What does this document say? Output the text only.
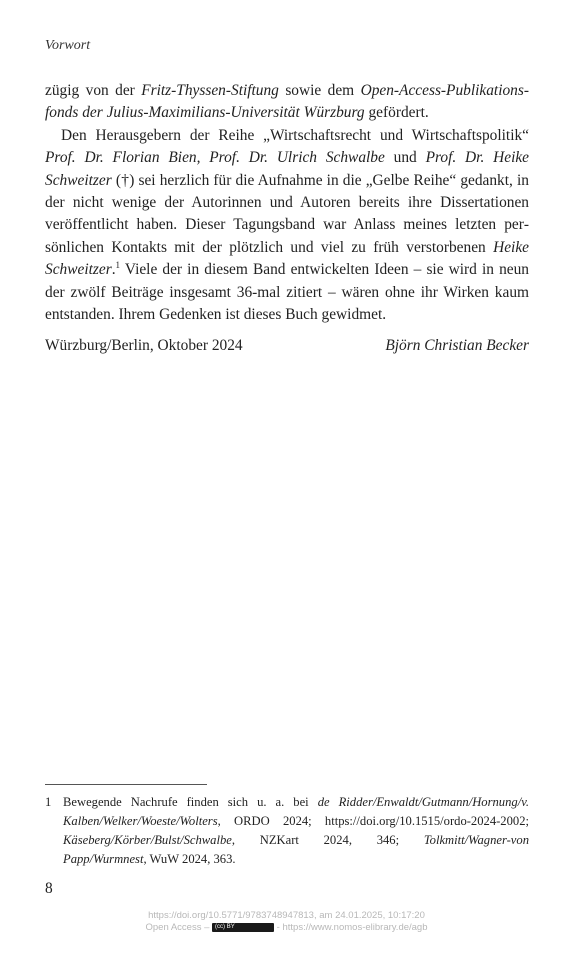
Vorwort

zügig von der Fritz-Thyssen-Stiftung sowie dem Open-Access-Publikationsfonds der Julius-Maximilians-Universität Würzburg gefördert.

Den Herausgebern der Reihe „Wirtschaftsrecht und Wirtschaftspolitik“ Prof. Dr. Florian Bien, Prof. Dr. Ulrich Schwalbe und Prof. Dr. Heike Schweitzer (†) sei herzlich für die Aufnahme in die „Gelbe Reihe“ gedankt, in der nicht wenige der Autorinnen und Autoren bereits ihre Dissertationen veröffentlicht haben. Dieser Tagungsband war Anlass meines letzten persönlichen Kontakts mit der plötzlich und viel zu früh verstorbenen Heike Schweitzer.$^1$ Viele der in diesem Band entwickelten Ideen – sie wird in neun der zwölf Beiträge insgesamt 36-mal zitiert – wären ohne ihr Wirken kaum entstanden. Ihrem Gedenken ist dieses Buch gewidmet.

Würzburg/Berlin, Oktober 2024	Björn Christian Becker
1 Bewegende Nachrufe finden sich u. a. bei de Ridder/Enwaldt/Gutmann/Hornung/v. Kalben/Welker/Woeste/Wolters, ORDO 2024; https://doi.org/10.1515/ordo-2024-2002; Käseberg/Körber/Bulst/Schwalbe, NZKart 2024, 346; Tolkmitt/Wagner-von Papp/Wurmnest, WuW 2024, 363.
8
https://doi.org/10.5771/9783748947813, am 24.01.2025, 10:17:20
Open Access – (cc) BY	- https://www.nomos-elibrary.de/agb
